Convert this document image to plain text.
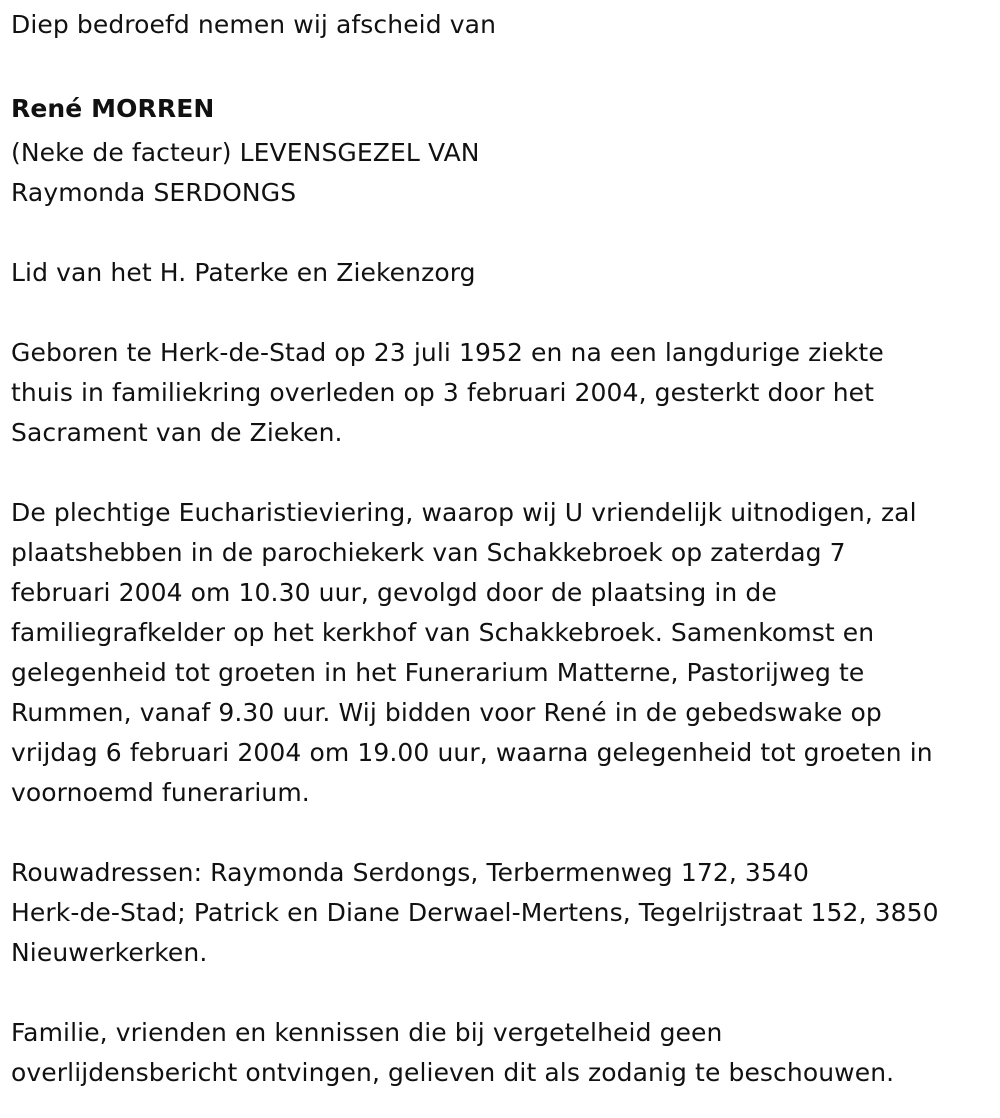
Diep bedroefd nemen wij afscheid van

René MORREN

(Neke de facteur) LEVENSGEZEL VAN

Raymonda SERDONGS

Lid van het H. Paterke en Ziekenzorg

Geboren te Herk-de-Stad op 23 juli 1952 en na een langdurige ziekte

thuis in familiekring overleden op 3 februari 2004, gesterkt door het

Sacrament van de Zieken.

De plechtige Eucharistieviering, waarop wij U vriendelijk uitnodigen, zal

plaatshebben in de parochiekerk van Schakkebroek op zaterdag 7

februari 2004 om 10.30 uur, gevolgd door de plaatsing in de

familiegrafkelder op het kerkhof van Schakkebroek. Samenkomst en

gelegenheid tot groeten in het Funerarium Matterne, Pastorijweg te

Rummen, vanaf 9.30 uur. Wij bidden voor René in de gebedswake op

vrijdag 6 februari 2004 om 19.00 uur, waarna gelegenheid tot groeten in

voornoemd funerarium.

Rouwadressen: Raymonda Serdongs, Terbermenweg 172, 3540

Herk-de-Stad; Patrick en Diane Derwael-Mertens, Tegelrijstraat 152, 3850

Nieuwerkerken.

Familie, vrienden en kennissen die bij vergetelheid geen

overlijdensbericht ontvingen, gelieven dit als zodanig te beschouwen.
